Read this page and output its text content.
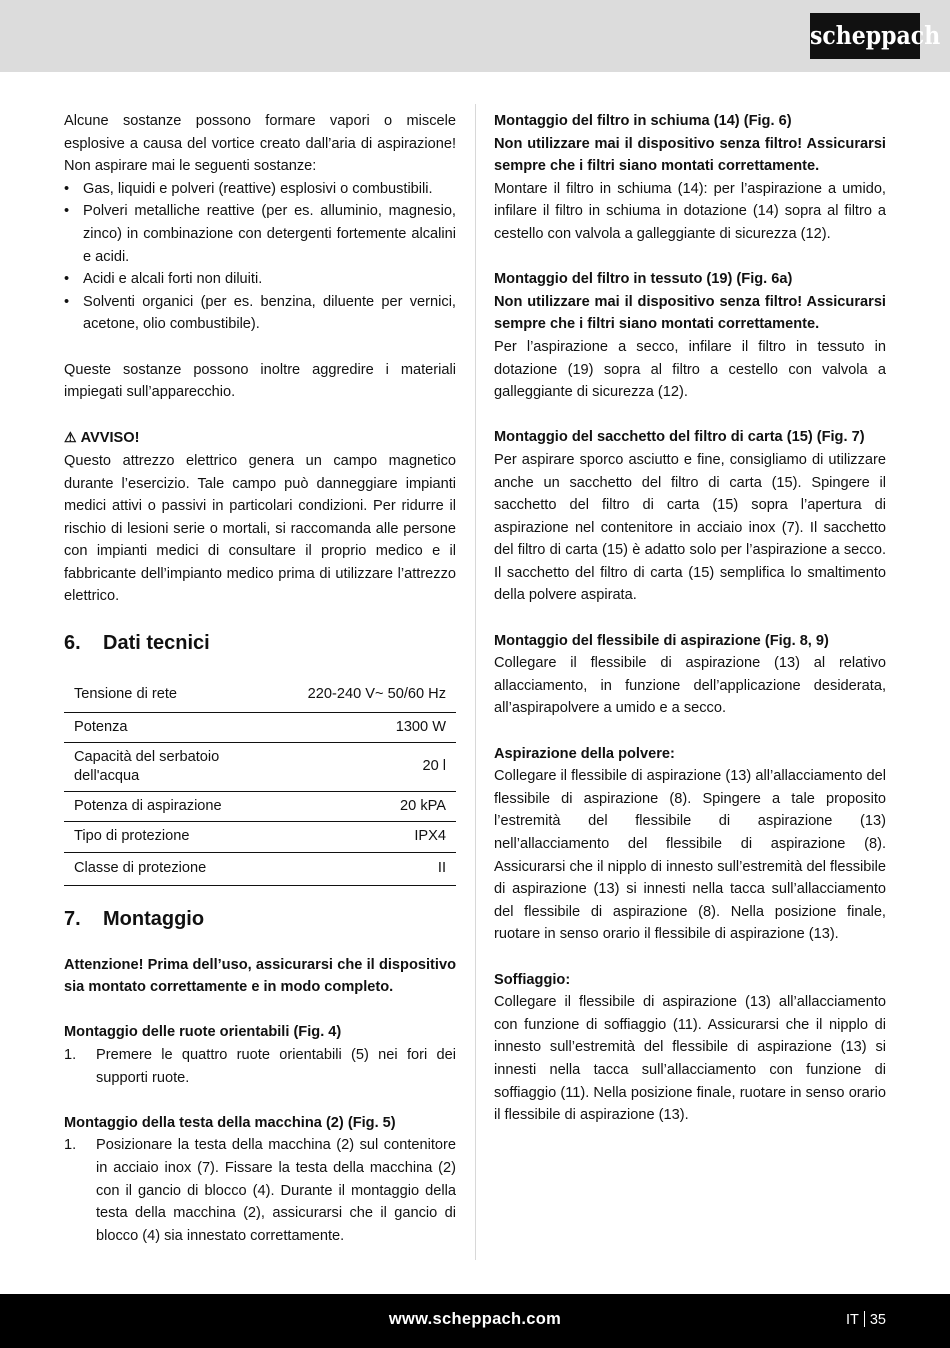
scheppach

Alcune sostanze possono formare vapori o miscele esplosive a causa del vortice creato dall’aria di aspirazione! Non aspirare mai le seguenti sostanze:

• Gas, liquidi e polveri (reattive) esplosivi o combustibili.
• Polveri metalliche reattive (per es. alluminio, magnesio, zinco) in combinazione con detergenti fortemente alcalini e acidi.
• Acidi e alcali forti non diluiti.
• Solventi organici (per es. benzina, diluente per vernici, acetone, olio combustibile).

Queste sostanze possono inoltre aggredire i materiali impiegati sull’apparecchio.

⚠ AVVISO!

Questo attrezzo elettrico genera un campo magnetico durante l’esercizio. Tale campo può danneggiare impianti medici attivi o passivi in particolari condizioni. Per ridurre il rischio di lesioni serie o mortali, si raccomanda alle persone con impianti medici di consultare il proprio medico e il fabbricante dell’impianto medico prima di utilizzare l’attrezzo elettrico.

6. Dati tecnici
Tensione di rete	220-240 V~ 50/60 Hz
Potenza	1300 W
Capacità del serbatoio dell'acqua	20 l
Potenza di aspirazione	20 kPA
Tipo di protezione	IPX4
Classe di protezione	II
7. Montaggio

Attenzione! Prima dell’uso, assicurarsi che il dispositivo sia montato correttamente e in modo completo.

Montaggio delle ruote orientabili (Fig. 4)

1. Premere le quattro ruote orientabili (5) nei fori dei supporti ruote.

Montaggio della testa della macchina (2) (Fig. 5)

1. Posizionare la testa della macchina (2) sul contenitore in acciaio inox (7). Fissare la testa della macchina (2) con il gancio di blocco (4). Durante il montaggio della testa della macchina (2), assicurarsi che il gancio di blocco (4) sia innestato correttamente.

Montaggio del filtro in schiuma (14) (Fig. 6)

Non utilizzare mai il dispositivo senza filtro! Assicurarsi sempre che i filtri siano montati correttamente.

Montare il filtro in schiuma (14): per l’aspirazione a umido, infilare il filtro in schiuma in dotazione (14) sopra al filtro a cestello con valvola a galleggiante di sicurezza (12).

Montaggio del filtro in tessuto (19) (Fig. 6a)

Non utilizzare mai il dispositivo senza filtro! Assicurarsi sempre che i filtri siano montati correttamente.

Per l’aspirazione a secco, infilare il filtro in tessuto in dotazione (19) sopra al filtro a cestello con valvola a galleggiante di sicurezza (12).

Montaggio del sacchetto del filtro di carta (15) (Fig. 7)

Per aspirare sporco asciutto e fine, consigliamo di utilizzare anche un sacchetto del filtro di carta (15). Spingere il sacchetto del filtro di carta (15) sopra l’apertura di aspirazione nel contenitore in acciaio inox (7). Il sacchetto del filtro di carta (15) è adatto solo per l’aspirazione a secco. Il sacchetto del filtro di carta (15) semplifica lo smaltimento della polvere aspirata.

Montaggio del flessibile di aspirazione (Fig. 8, 9)

Collegare il flessibile di aspirazione (13) al relativo allacciamento, in funzione dell’applicazione desiderata, all’aspirapolvere a umido e a secco.

Aspirazione della polvere:

Collegare il flessibile di aspirazione (13) all’allacciamento del flessibile di aspirazione (8). Spingere a tale proposito l’estremità del flessibile di aspirazione (13) nell’allacciamento del flessibile di aspirazione (8). Assicurarsi che il nipplo di innesto sull’estremità del flessibile di aspirazione (13) si innesti nella tacca sull’allacciamento del flessibile di aspirazione (8). Nella posizione finale, ruotare in senso orario il flessibile di aspirazione (13).

Soffiaggio:

Collegare il flessibile di aspirazione (13) all’allacciamento con funzione di soffiaggio (11). Assicurarsi che il nipplo di innesto sull’estremità del flessibile di aspirazione (13) si innesti nella tacca sull’allacciamento con funzione di soffiaggio (11). Nella posizione finale, ruotare in senso orario il flessibile di aspirazione (13).

www.scheppach.com	IT 35
